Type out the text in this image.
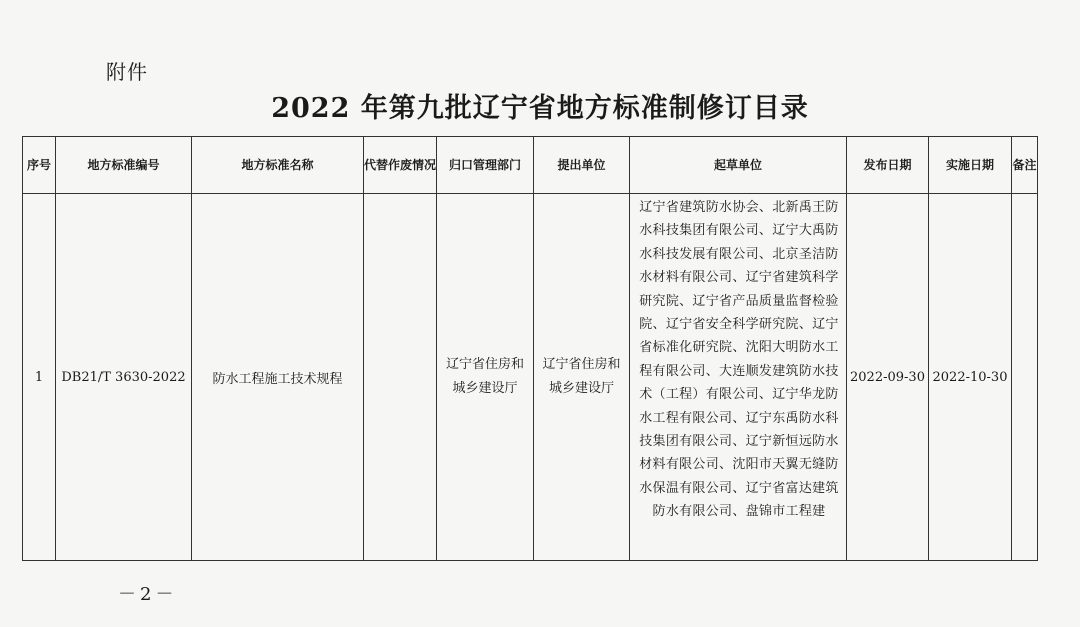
附件
2022 年第九批辽宁省地方标准制修订目录
序号	地方标准编号	地方标准名称	代替作废情况	归口管理部门	提出单位	起草单位	发布日期	实施日期	备注
1	DB21/T 3630-2022	防水工程施工技术规程		辽宁省住房和城乡建设厅	辽宁省住房和城乡建设厅	辽宁省建筑防水协会、北新禹王防水科技集团有限公司、辽宁大禹防水科技发展有限公司、北京圣洁防水材料有限公司、辽宁省建筑科学研究院、辽宁省产品质量监督检验院、辽宁省安全科学研究院、辽宁省标准化研究院、沈阳大明防水工程有限公司、大连顺发建筑防水技术（工程）有限公司、辽宁华龙防水工程有限公司、辽宁东禹防水科技集团有限公司、辽宁新恒远防水材料有限公司、沈阳市天翼无缝防水保温有限公司、辽宁省富达建筑防水有限公司、盘锦市工程建	2022-09-30	2022-10-30	
－2－
